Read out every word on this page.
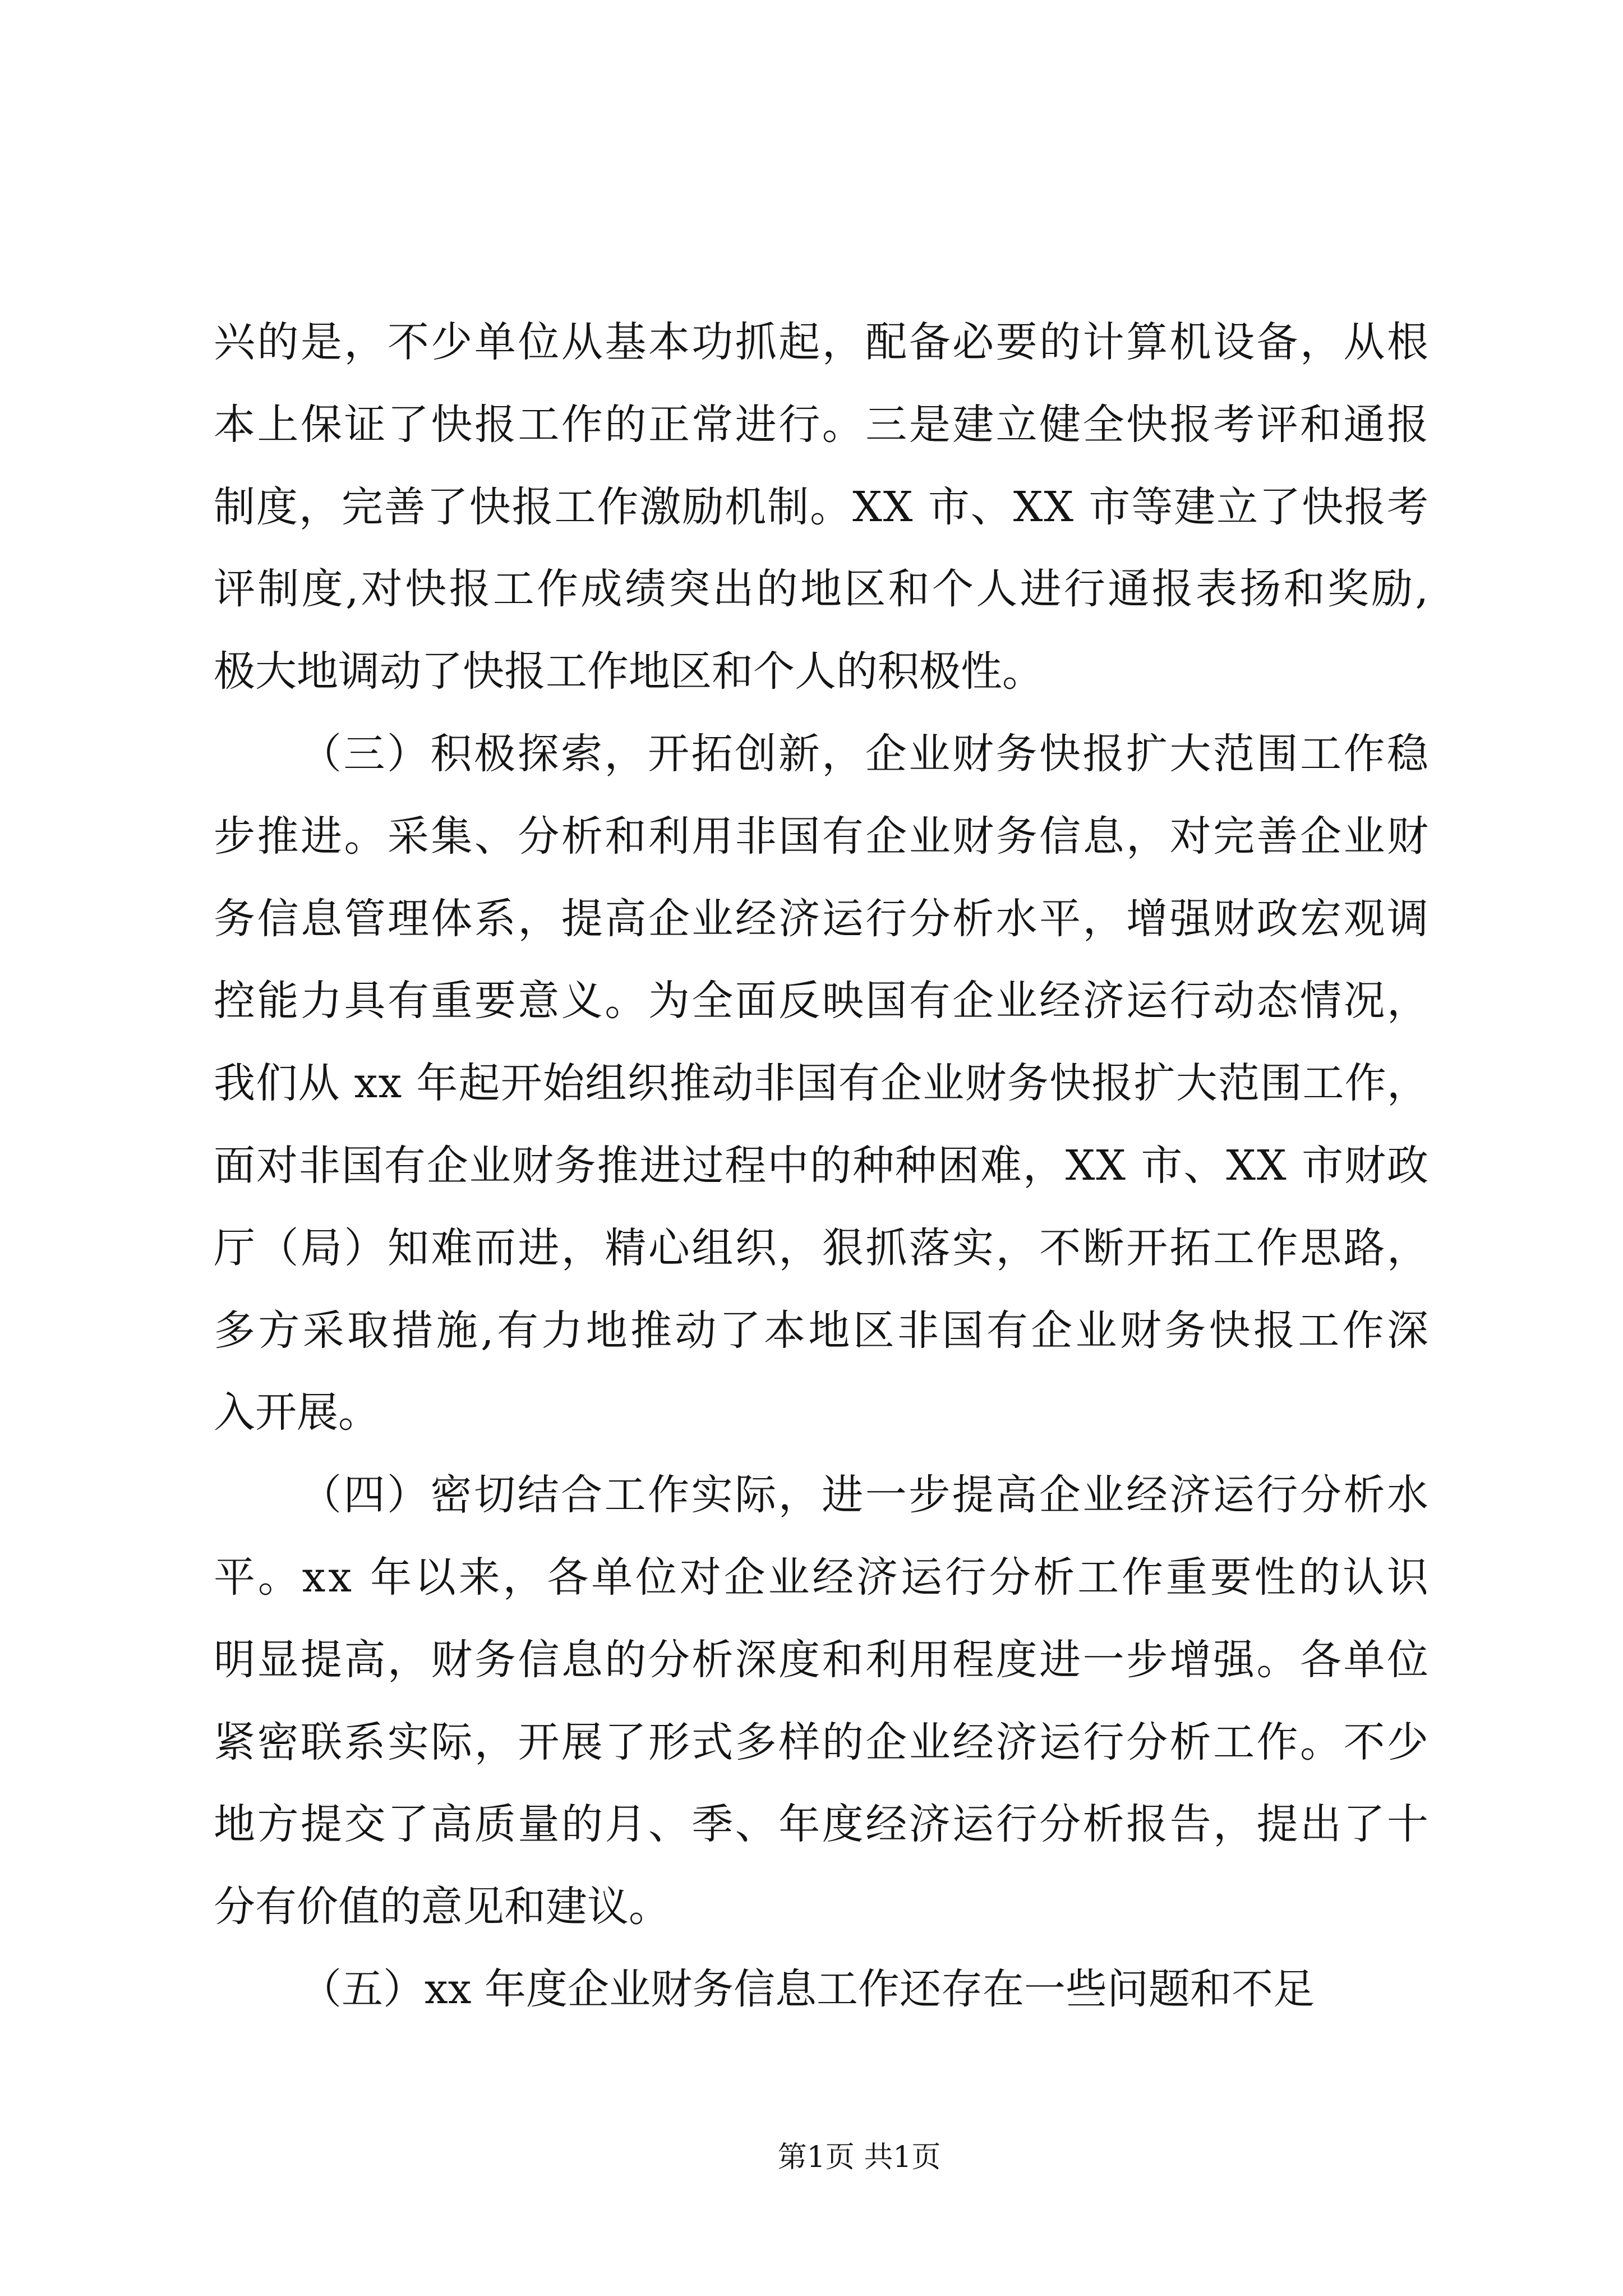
兴的是，不少单位从基本功抓起，配备必要的计算机设备，从根
本上保证了快报工作的正常进行。三是建立健全快报考评和通报
制度，完善了快报工作激励机制。XX 市、XX 市等建立了快报考
评制度,对快报工作成绩突出的地区和个人进行通报表扬和奖励,
极大地调动了快报工作地区和个人的积极性。
（三）积极探索，开拓创新，企业财务快报扩大范围工作稳
步推进。采集、分析和利用非国有企业财务信息，对完善企业财
务信息管理体系，提高企业经济运行分析水平，增强财政宏观调
控能力具有重要意义。为全面反映国有企业经济运行动态情况，
我们从 xx 年起开始组织推动非国有企业财务快报扩大范围工作，
面对非国有企业财务推进过程中的种种困难，XX 市、XX 市财政
厅（局）知难而进，精心组织，狠抓落实，不断开拓工作思路，
多方采取措施,有力地推动了本地区非国有企业财务快报工作深
入开展。
（四）密切结合工作实际，进一步提高企业经济运行分析水
平。xx 年以来，各单位对企业经济运行分析工作重要性的认识
明显提高，财务信息的分析深度和利用程度进一步增强。各单位
紧密联系实际，开展了形式多样的企业经济运行分析工作。不少
地方提交了高质量的月、季、年度经济运行分析报告，提出了十
分有价值的意见和建议。
（五）xx 年度企业财务信息工作还存在一些问题和不足
第1页 共1页
